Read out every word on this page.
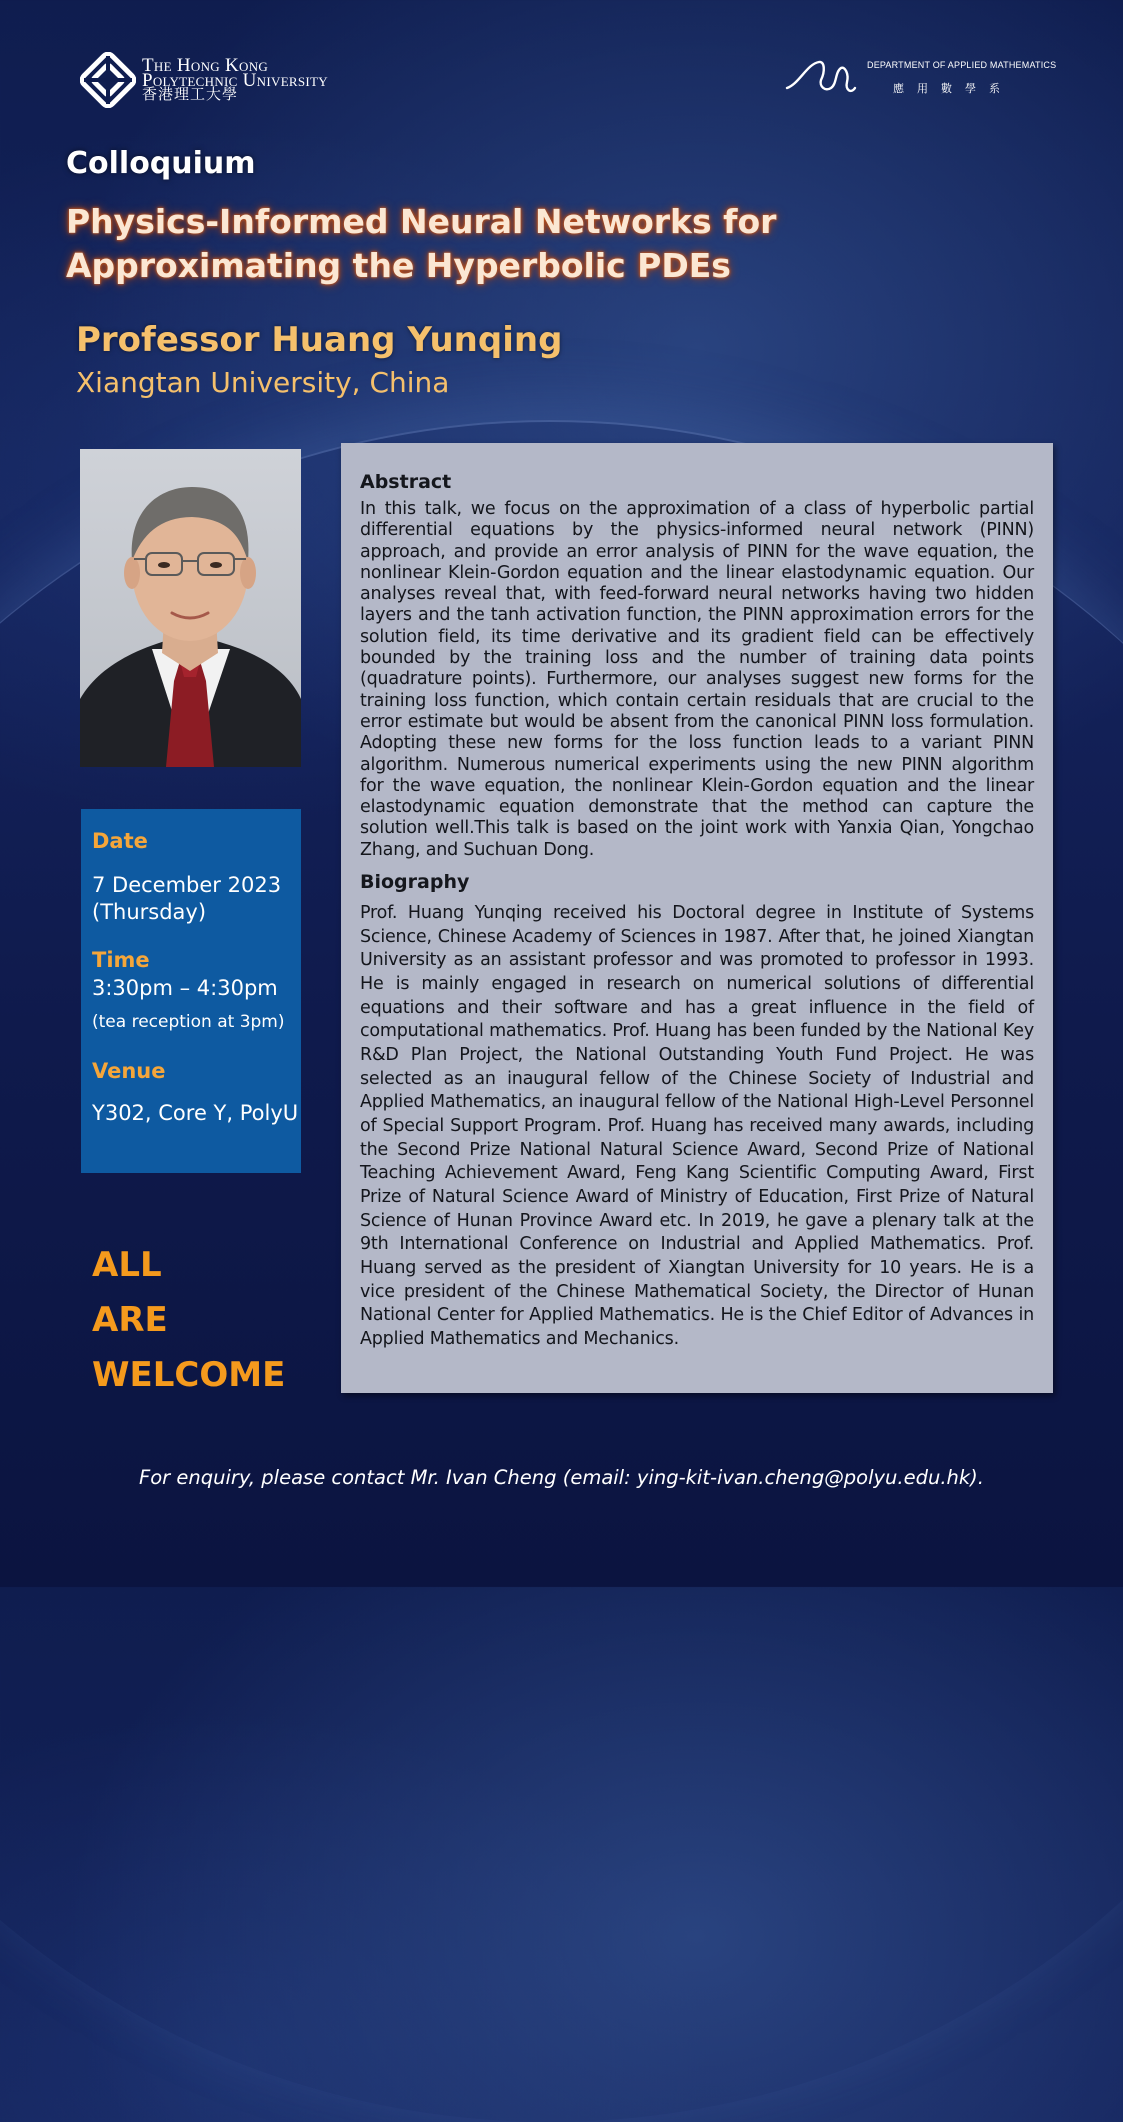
The Hong Kong
Polytechnic University
香港理工大學
DEPARTMENT OF APPLIED MATHEMATICS
應用數學系
Colloquium
Physics-Informed Neural Networks for
Approximating the Hyperbolic PDEs
Professor Huang Yunqing
Xiangtan University, China
Date
7 December 2023
(Thursday)
Time
3:30pm – 4:30pm
(tea reception at 3pm)
Venue
Y302, Core Y, PolyU
ALL
ARE
WELCOME
Abstract
In this talk, we focus on the approximation of a class of hyperbolic partial differential equations by the physics-informed neural network (PINN) approach, and provide an error analysis of PINN for the wave equation, the nonlinear Klein-Gordon equation and the linear elastodynamic equation. Our analyses reveal that, with feed-forward neural networks having two hidden layers and the tanh activation function, the PINN approximation errors for the solution field, its time derivative and its gradient field can be effectively bounded by the training loss and the number of training data points (quadrature points). Furthermore, our analyses suggest new forms for the training loss function, which contain certain residuals that are crucial to the error estimate but would be absent from the canonical PINN loss formulation. Adopting these new forms for the loss function leads to a variant PINN algorithm. Numerous numerical experiments using the new PINN algorithm for the wave equation, the nonlinear Klein-Gordon equation and the linear elastodynamic equation demonstrate that the method can capture the solution well.This talk is based on the joint work with Yanxia Qian, Yongchao Zhang, and Suchuan Dong.
Biography
Prof. Huang Yunqing received his Doctoral degree in Institute of Systems Science, Chinese Academy of Sciences in 1987. After that, he joined Xiangtan University as an assistant professor and was promoted to professor in 1993. He is mainly engaged in research on numerical solutions of differential equations and their software and has a great influence in the field of computational mathematics. Prof. Huang has been funded by the National Key R&D Plan Project, the National Outstanding Youth Fund Project. He was selected as an inaugural fellow of the Chinese Society of Industrial and Applied Mathematics, an inaugural fellow of the National High-Level Personnel of Special Support Program. Prof. Huang has received many awards, including the Second Prize National Natural Science Award, Second Prize of National Teaching Achievement Award, Feng Kang Scientific Computing Award, First Prize of Natural Science Award of Ministry of Education, First Prize of Natural Science of Hunan Province Award etc. In 2019, he gave a plenary talk at the 9th International Conference on Industrial and Applied Mathematics. Prof. Huang served as the president of Xiangtan University for 10 years. He is a vice president of the Chinese Mathematical Society, the Director of Hunan National Center for Applied Mathematics. He is the Chief Editor of Advances in Applied Mathematics and Mechanics.
For enquiry, please contact Mr. Ivan Cheng (email: ying-kit-ivan.cheng@polyu.edu.hk).
